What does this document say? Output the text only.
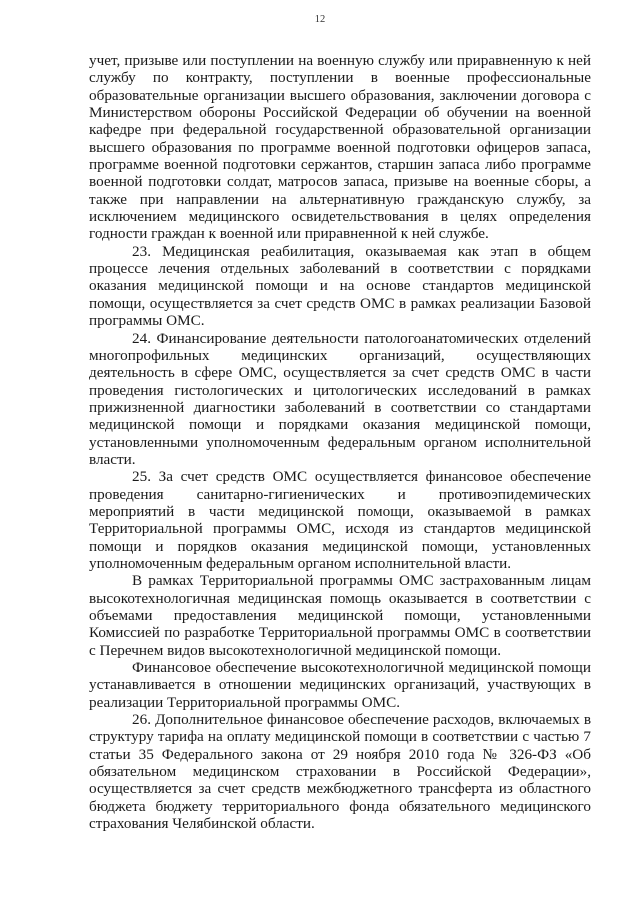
12

учет, призыве или поступлении на военную службу или приравненную к ней службу по контракту, поступлении в военные профессиональные образовательные организации высшего образования, заключении договора с Министерством обороны Российской Федерации об обучении на военной кафедре при федеральной государственной образовательной организации высшего образования по программе военной подготовки офицеров запаса, программе военной подготовки сержантов, старшин запаса либо программе военной подготовки солдат, матросов запаса, призыве на военные сборы, а также при направлении на альтернативную гражданскую службу, за исключением медицинского освидетельствования в целях определения годности граждан к военной или приравненной к ней службе.

23. Медицинская реабилитация, оказываемая как этап в общем процессе лечения отдельных заболеваний в соответствии с порядками оказания медицинской помощи и на основе стандартов медицинской помощи, осуществляется за счет средств ОМС в рамках реализации Базовой программы ОМС.

24. Финансирование деятельности патологоанатомических отделений многопрофильных медицинских организаций, осуществляющих деятельность в сфере ОМС, осуществляется за счет средств ОМС в части проведения гистологических и цитологических исследований в рамках прижизненной диагностики заболеваний в соответствии со стандартами медицинской помощи и порядками оказания медицинской помощи, установленными уполномоченным федеральным органом исполнительной власти.

25. За счет средств ОМС осуществляется финансовое обеспечение проведения санитарно-гигиенических и противоэпидемических мероприятий в части медицинской помощи, оказываемой в рамках Территориальной программы ОМС, исходя из стандартов медицинской помощи и порядков оказания медицинской помощи, установленных уполномоченным федеральным органом исполнительной власти.

В рамках Территориальной программы ОМС застрахованным лицам высокотехнологичная медицинская помощь оказывается в соответствии с объемами предоставления медицинской помощи, установленными Комиссией по разработке Территориальной программы ОМС в соответствии с Перечнем видов высокотехнологичной медицинской помощи.

Финансовое обеспечение высокотехнологичной медицинской помощи устанавливается в отношении медицинских организаций, участвующих в реализации Территориальной программы ОМС.

26. Дополнительное финансовое обеспечение расходов, включаемых в структуру тарифа на оплату медицинской помощи в соответствии с частью 7 статьи 35 Федерального закона от 29 ноября 2010 года № 326-ФЗ «Об обязательном медицинском страховании в Российской Федерации», осуществляется за счет средств межбюджетного трансферта из областного бюджета бюджету территориального фонда обязательного медицинского страхования Челябинской области.
